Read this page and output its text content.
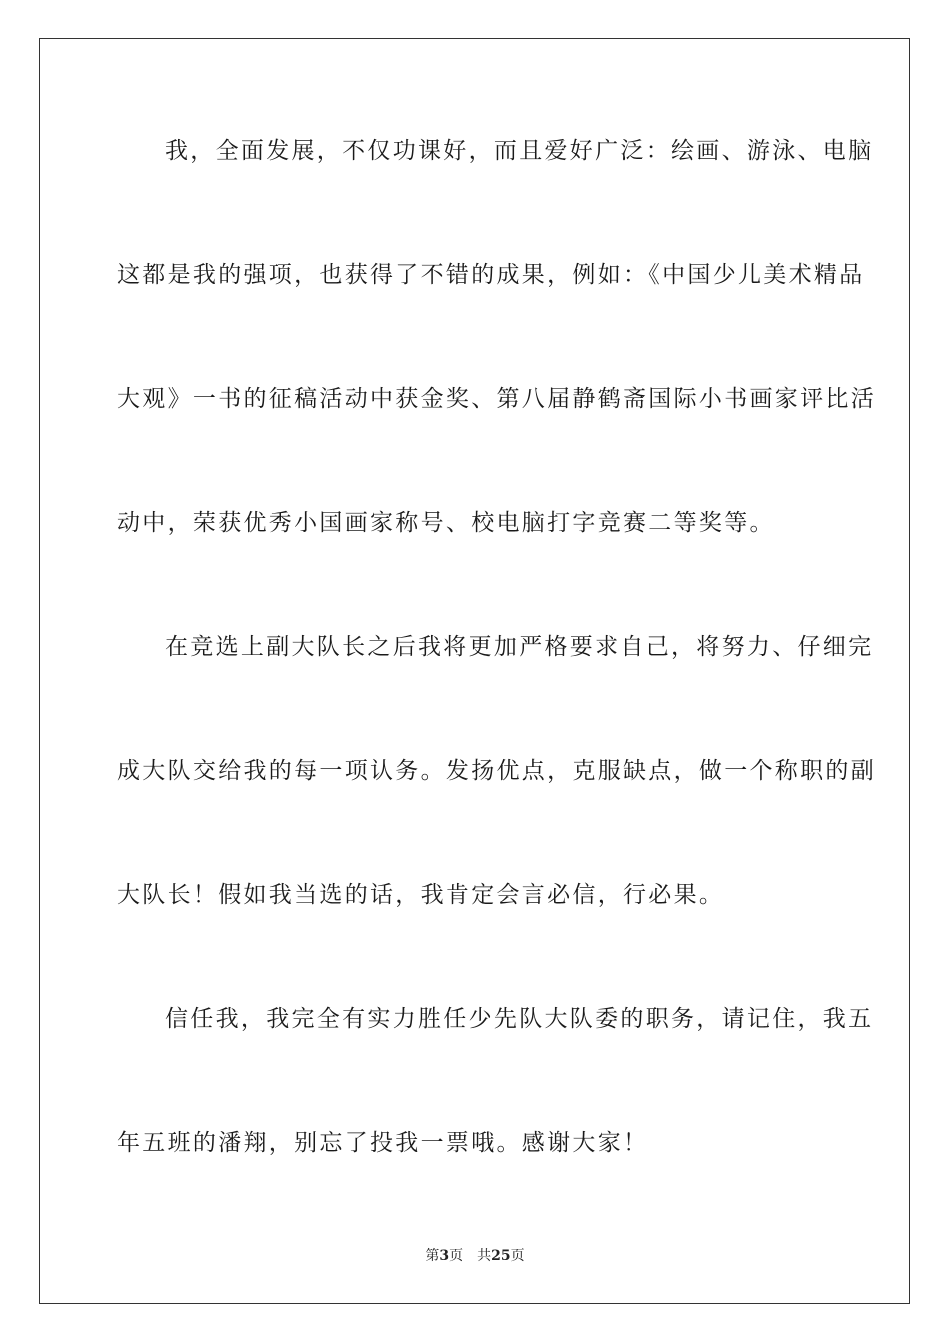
我，全面发展，不仅功课好，而且爱好广泛：绘画、游泳、电脑
这都是我的强项，也获得了不错的成果，例如：《中国少儿美术精品
大观》一书的征稿活动中获金奖、第八届静鹤斋国际小书画家评比活
动中，荣获优秀小国画家称号、校电脑打字竞赛二等奖等。
在竞选上副大队长之后我将更加严格要求自己，将努力、仔细完
成大队交给我的每一项认务。发扬优点，克服缺点，做一个称职的副
大队长！假如我当选的话，我肯定会言必信，行必果。
信任我，我完全有实力胜任少先队大队委的职务，请记住，我五
年五班的潘翔，别忘了投我一票哦。感谢大家！
第3页 共25页
